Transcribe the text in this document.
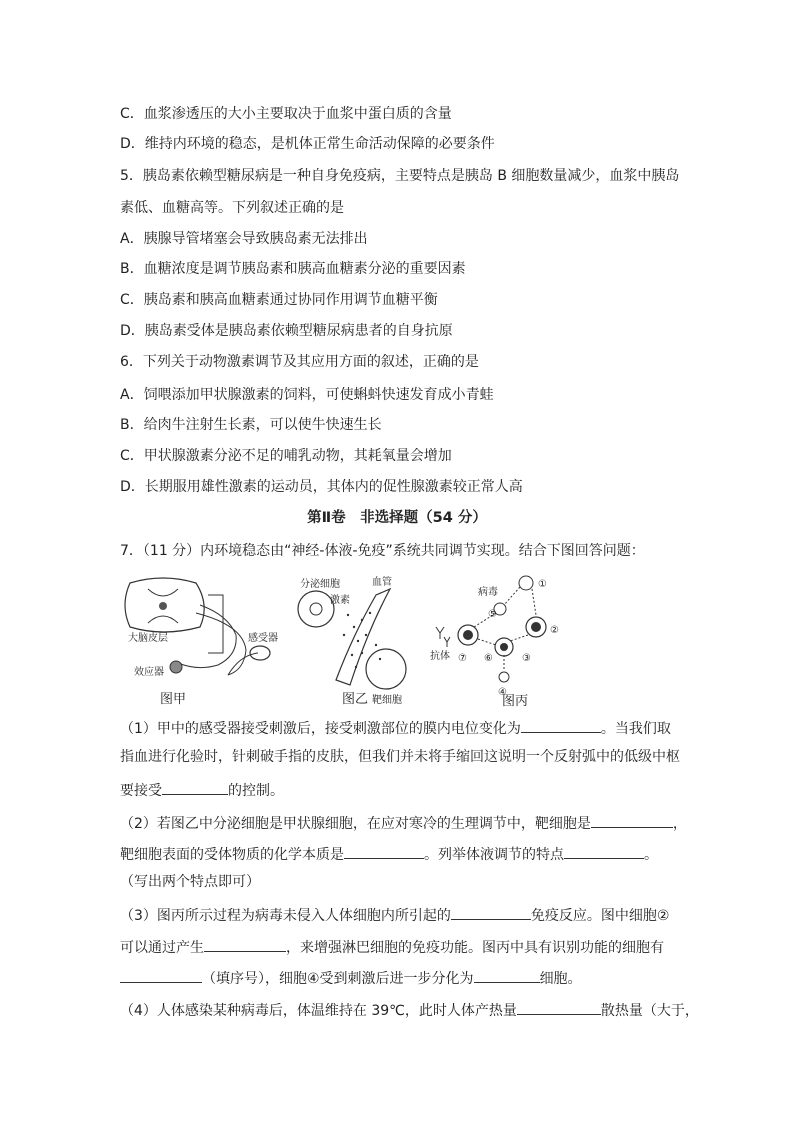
C．血浆渗透压的大小主要取决于血浆中蛋白质的含量
D．维持内环境的稳态，是机体正常生命活动保障的必要条件
5．胰岛素依赖型糖尿病是一种自身免疫病，主要特点是胰岛 B 细胞数量减少，血浆中胰岛
素低、血糖高等。下列叙述正确的是
A．胰腺导管堵塞会导致胰岛素无法排出
B．血糖浓度是调节胰岛素和胰高血糖素分泌的重要因素
C．胰岛素和胰高血糖素通过协同作用调节血糖平衡
D．胰岛素受体是胰岛素依赖型糖尿病患者的自身抗原
6．下列关于动物激素调节及其应用方面的叙述，正确的是
A．饲喂添加甲状腺激素的饲料，可使蝌蚪快速发育成小青蛙
B．给肉牛注射生长素，可以使牛快速生长
C．甲状腺激素分泌不足的哺乳动物，其耗氧量会增加
D．长期服用雄性激素的运动员，其体内的促性腺激素较正常人高
第Ⅱ卷　非选择题（54 分）
7．（11 分）内环境稳态由“神经-体液-免疫”系统共同调节实现。结合下图回答问题：
大脑皮层	感受器
效应器
分泌细胞	血管
激素
靶细胞
病毒
抗体
①
②
③
④
⑤
⑥
⑦
图甲	图乙	图丙
（1）甲中的感受器接受刺激后，接受刺激部位的膜内电位变化为	。当我们取
指血进行化验时，针刺破手指的皮肤，但我们并未将手缩回这说明一个反射弧中的低级中枢
要接受	的控制。
（2）若图乙中分泌细胞是甲状腺细胞，在应对寒冷的生理调节中，靶细胞是	，
靶细胞表面的受体物质的化学本质是	。列举体液调节的特点	。
（写出两个特点即可）
（3）图丙所示过程为病毒未侵入人体细胞内所引起的	免疫反应。图中细胞②
可以通过产生	，来增强淋巴细胞的免疫功能。图丙中具有识别功能的细胞有
（填序号），细胞④受到刺激后进一步分化为	细胞。
（4）人体感染某种病毒后，体温维持在 39℃，此时人体产热量	散热量（大于，
